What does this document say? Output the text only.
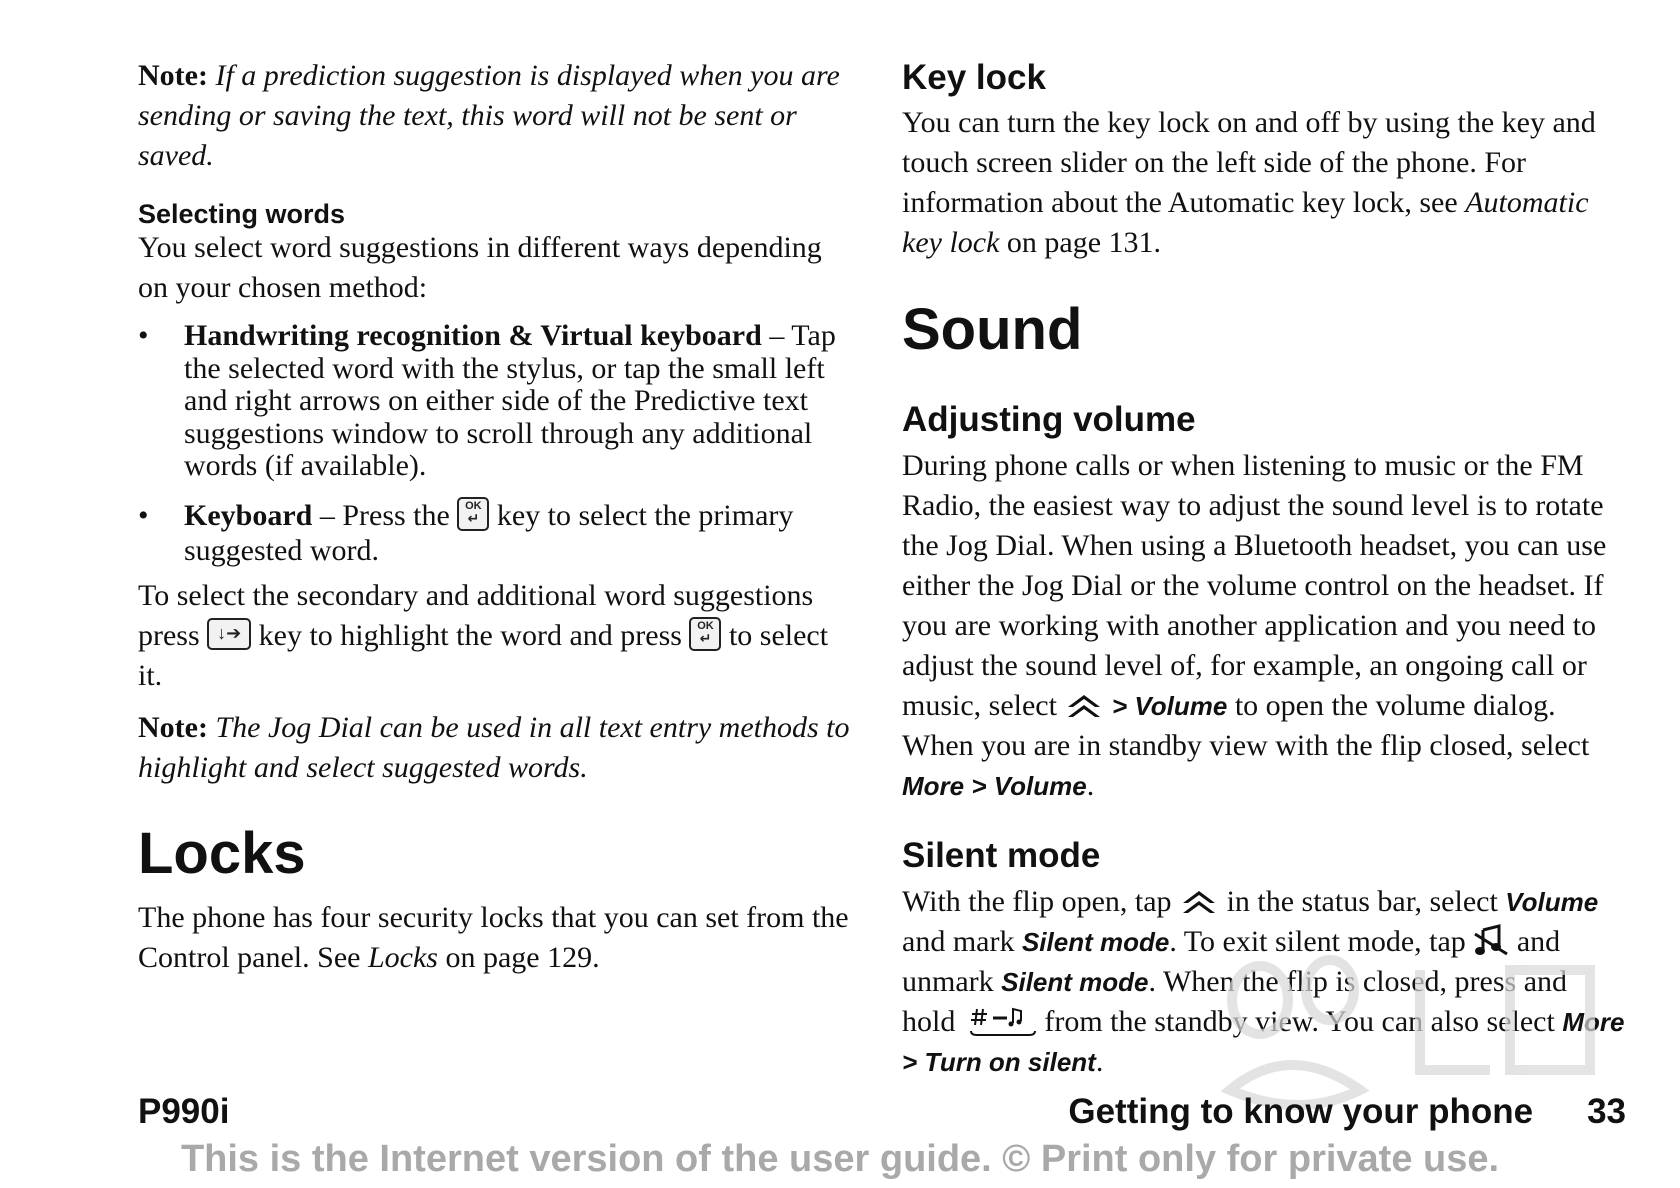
Note: If a prediction suggestion is displayed when you are sending or saving the text, this word will not be sent or saved.

Selecting words

You select word suggestions in different ways depending on your chosen method:

• Handwriting recognition & Virtual keyboard – Tap the selected word with the stylus, or tap the small left and right arrows on either side of the Predictive text suggestions window to scroll through any additional words (if available).
• Keyboard – Press the	OK
↵ key to select the primary suggested word.

To select the secondary and additional word suggestions press ↓➔ key to highlight the word and press	OK
↵ to select it.

Note: The Jog Dial can be used in all text entry methods to highlight and select suggested words.

Locks

The phone has four security locks that you can set from the Control panel. See Locks on page 129.

Key lock

You can turn the key lock on and off by using the key and touch screen slider on the left side of the phone. For information about the Automatic key lock, see Automatic key lock on page 131.

Sound
Adjusting volume

During phone calls or when listening to music or the FM Radio, the easiest way to adjust the sound level is to rotate the Jog Dial. When using a Bluetooth headset, you can use either the Jog Dial or the volume control on the headset. If you are working with another application and you need to adjust the sound level of, for example, an ongoing call or music, select > Volume to open the volume dialog. When you are in standby view with the flip closed, select More > Volume.

Silent mode

With the flip open, tap in the status bar, select Volume and mark Silent mode. To exit silent mode, tap and unmark Silent mode. When the flip is closed, press and hold	from the standby view. You can also select More > Turn on silent.

P990i	Getting to know your phone 33
This is the Internet version of the user guide. © Print only for private use.
